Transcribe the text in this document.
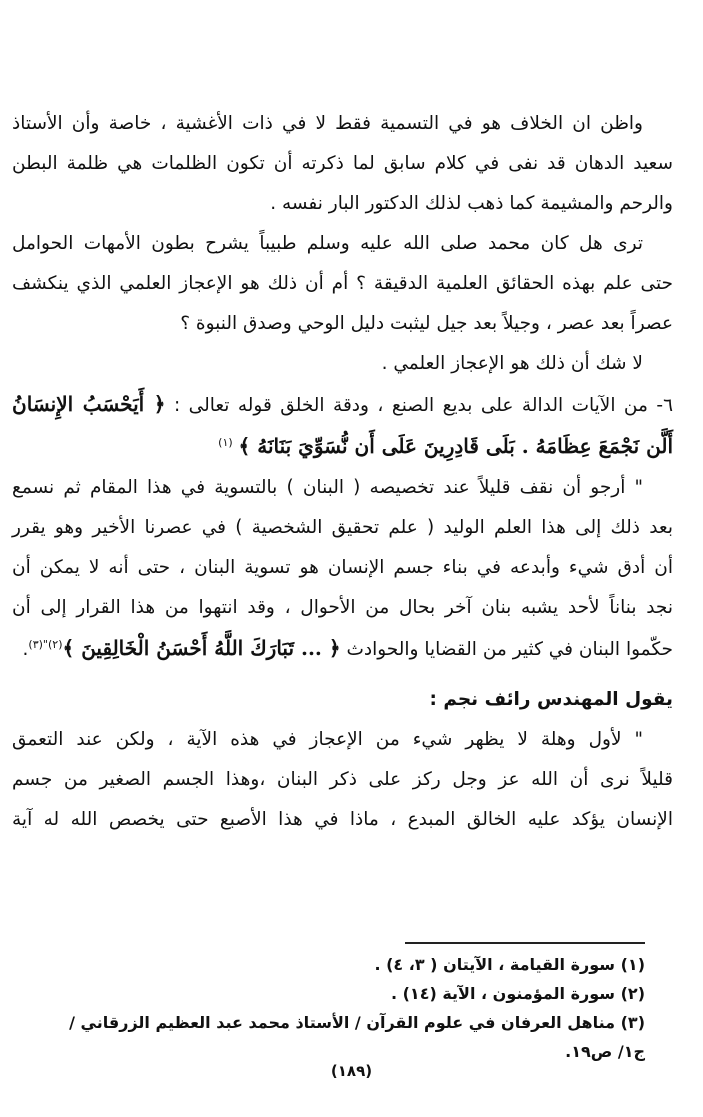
واظن ان الخلاف هو في التسمية فقط لا في ذات الأغشية ، خاصة وأن الأستاذ

سعيد الدهان قد نفى في كلام سابق لما ذكرته أن تكون الظلمات هي ظلمة البطن

والرحم والمشيمة كما ذهب لذلك الدكتور البار نفسه .

ترى هل كان محمد صلى الله عليه وسلم طبيباً يشرح بطون الأمهات الحوامل

حتى علم بهذه الحقائق العلمية الدقيقة ؟ أم أن ذلك هو الإعجاز العلمي الذي ينكشف

عصراً بعد عصر ، وجيلاً بعد جيل ليثبت دليل الوحي وصدق النبوة ؟

لا شك أن ذلك هو الإعجاز العلمي .

٦- من الآيات الدالة على بديع الصنع ، ودقة الخلق قوله تعالى : ﴿ أَيَحْسَبُ الإِنسَانُ

أَلَّن نَجْمَعَ عِظَامَهُ . بَلَى قَادِرِينَ عَلَى أَن نُّسَوِّيَ بَنَانَهُ ﴾ $^{(١)}$

" أرجو أن نقف قليلاً عند تخصيصه ( البنان ) بالتسوية في هذا المقام ثم نسمع

بعد ذلك إلى هذا العلم الوليد ( علم تحقيق الشخصية ) في عصرنا الأخير وهو يقرر

أن أدق شيء وأبدعه في بناء جسم الإنسان هو تسوية البنان ، حتى أنه لا يمكن أن

نجد بناناً لأحد يشبه بنان آخر بحال من الأحوال ، وقد انتهوا من هذا القرار إلى أن

حكّموا البنان في كثير من القضايا والحوادث ﴿ ... تَبَارَكَ اللَّهُ أَحْسَنُ الْخَالِقِينَ ﴾$^{(٢)"(٣)}$.

يقول المهندس رائف نجم :

" لأول وهلة لا يظهر شيء من الإعجاز في هذه الآية ، ولكن عند التعمق

قليلاً نرى أن الله عز وجل ركز على ذكر البنان ،وهذا الجسم الصغير من جسم

الإنسان يؤكد عليه الخالق المبدع ، ماذا في هذا الأصبع حتى يخصص الله له آية

(١) سورة القيامة ، الآيتان ( ٣، ٤) .

(٢) سورة المؤمنون ، الآية (١٤) .

(٣) مناهل العرفان في علوم القرآن / الأستاذ محمد عبد العظيم الزرقاني / ج١/ ص١٩.

(١٨٩)
